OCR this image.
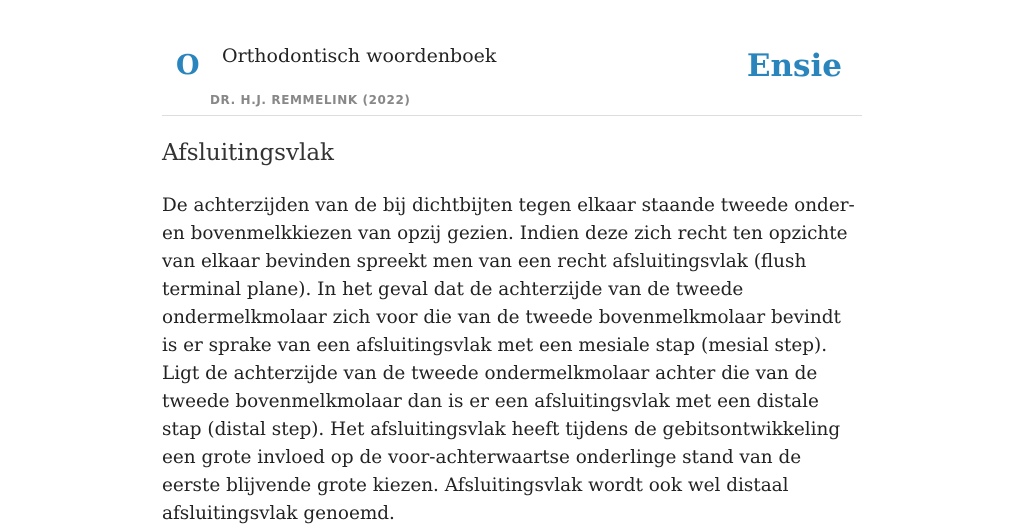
O Orthodontisch woordenboek
DR. H.J. REMMELINK (2022)
Ensie
Afsluitingsvlak

De achterzijden van de bij dichtbijten tegen elkaar staande tweede onder- en bovenmelkkiezen van opzij gezien. Indien deze zich recht ten opzichte van elkaar bevinden spreekt men van een recht afsluitingsvlak (flush terminal plane). In het geval dat de achterzijde van de tweede ondermelkmolaar zich voor die van de tweede bovenmelkmolaar bevindt is er sprake van een afsluitingsvlak met een mesiale stap (mesial step). Ligt de achterzijde van de tweede ondermelkmolaar achter die van de tweede bovenmelkmolaar dan is er een afsluitingsvlak met een distale stap (distal step). Het afsluitingsvlak heeft tijdens de gebitsontwikkeling een grote invloed op de voor-achterwaartse onderlinge stand van de eerste blijvende grote kiezen. Afsluitingsvlak wordt ook wel distaal afsluitingsvlak genoemd.
